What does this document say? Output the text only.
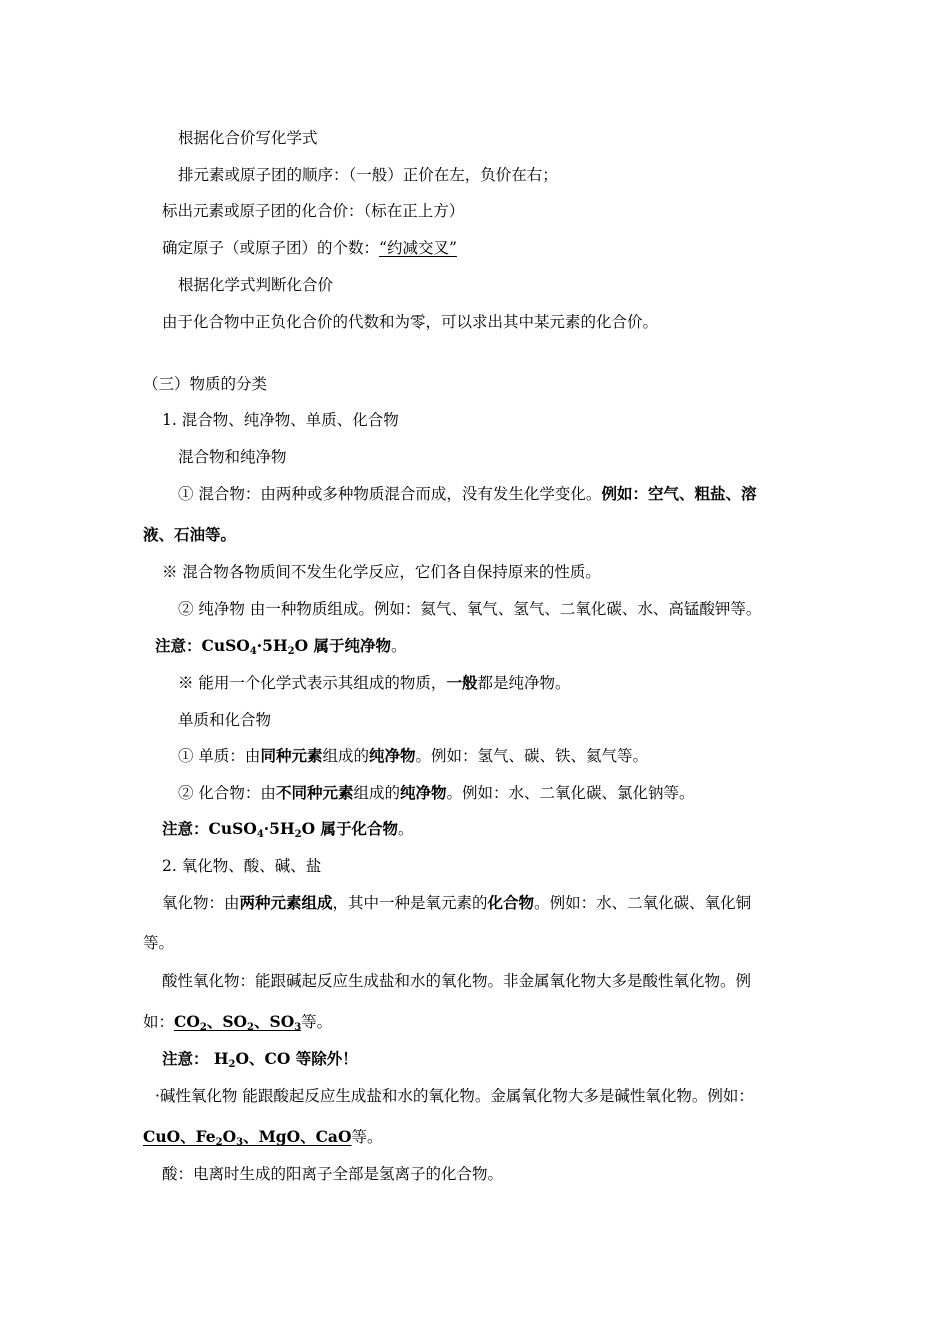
根据化合价写化学式
排元素或原子团的顺序：（一般）正价在左，负价在右；
标出元素或原子团的化合价：（标在正上方）
确定原子（或原子团）的个数：“约减交叉”
根据化学式判断化合价
由于化合物中正负化合价的代数和为零，可以求出其中某元素的化合价。
（三）物质的分类
1. 混合物、纯净物、单质、化合物
混合物和纯净物
① 混合物：由两种或多种物质混合而成，没有发生化学变化。例如：空气、粗盐、溶
液、石油等。
※ 混合物各物质间不发生化学反应，它们各自保持原来的性质。
② 纯净物 由一种物质组成。例如：氦气、氧气、氢气、二氧化碳、水、高锰酸钾等。
注意：$CuSO_4\cdot 5H_2O$ 属于纯净物。
※ 能用一个化学式表示其组成的物质，一般都是纯净物。
单质和化合物
① 单质：由同种元素组成的纯净物。例如：氢气、碳、铁、氦气等。
② 化合物：由不同种元素组成的纯净物。例如：水、二氧化碳、氯化钠等。
注意：$CuSO_4\cdot 5H_2O$ 属于化合物。
2. 氧化物、酸、碱、盐
氧化物：由两种元素组成，其中一种是氧元素的化合物。例如：水、二氧化碳、氧化铜
等。
酸性氧化物：能跟碱起反应生成盐和水的氧化物。非金属氧化物大多是酸性氧化物。例
如：$CO_2$、$SO_2$、$SO_3$等。
注意： $H_2O$、CO 等除外！
·碱性氧化物 能跟酸起反应生成盐和水的氧化物。金属氧化物大多是碱性氧化物。例如：
CuO、$Fe_2O_3$、MgO、CaO等。
酸：电离时生成的阳离子全部是氢离子的化合物。
